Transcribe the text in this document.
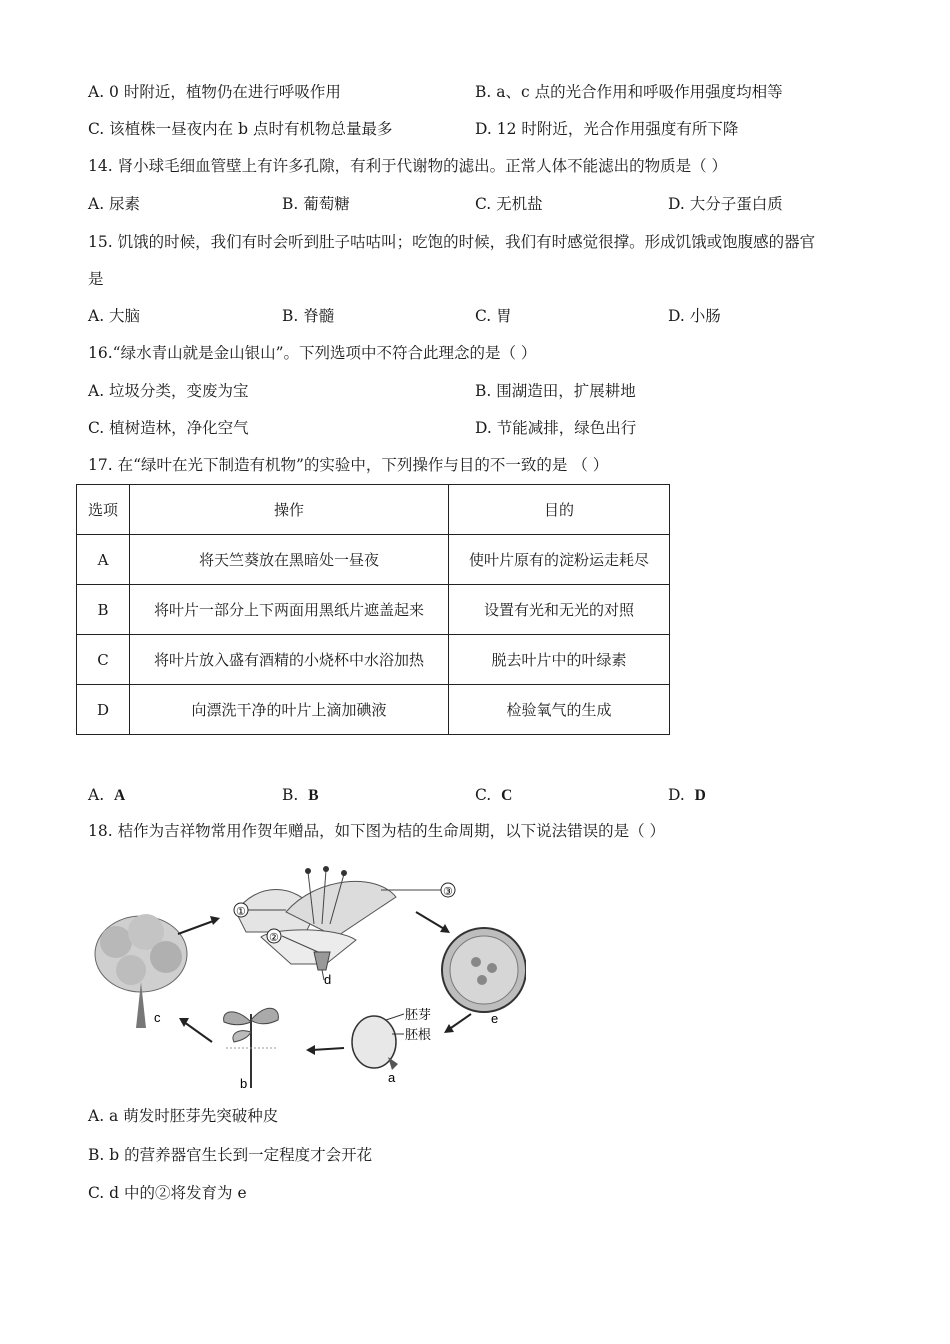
A. 0 时附近，植物仍在进行呼吸作用	B. a、c 点的光合作用和呼吸作用强度均相等
C. 该植株一昼夜内在 b 点时有机物总量最多	D. 12 时附近，光合作用强度有所下降
14. 肾小球毛细血管壁上有许多孔隙，有利于代谢物的滤出。正常人体不能滤出的物质是（ ）
A. 尿素	B. 葡萄糖	C. 无机盐	D. 大分子蛋白质
15. 饥饿的时候，我们有时会听到肚子咕咕叫；吃饱的时候，我们有时感觉很撑。形成饥饿或饱腹感的器官
是
A. 大脑	B. 脊髓	C. 胃	D. 小肠
16.“绿水青山就是金山银山”。下列选项中不符合此理念的是（ ）
A. 垃圾分类，变废为宝	B. 围湖造田，扩展耕地
C. 植树造林，净化空气	D. 节能减排，绿色出行
17. 在“绿叶在光下制造有机物”的实验中，下列操作与目的不一致的是 （ ）
选项	操作	目的
A	将天竺葵放在黑暗处一昼夜	使叶片原有的淀粉运走耗尽
B	将叶片一部分上下两面用黑纸片遮盖起来	设置有光和无光的对照
C	将叶片放入盛有酒精的小烧杯中水浴加热	脱去叶片中的叶绿素
D	向漂洗干净的叶片上滴加碘液	检验氧气的生成
A. A	B. B	C. C	D. D
18. 桔作为吉祥物常用作贺年赠品，如下图为桔的生命周期，以下说法错误的是（ ）
c
①
②
③
d
e
胚芽
胚根
a
b
A. a 萌发时胚芽先突破种皮
B. b 的营养器官生长到一定程度才会开花
C. d 中的②将发育为 e
